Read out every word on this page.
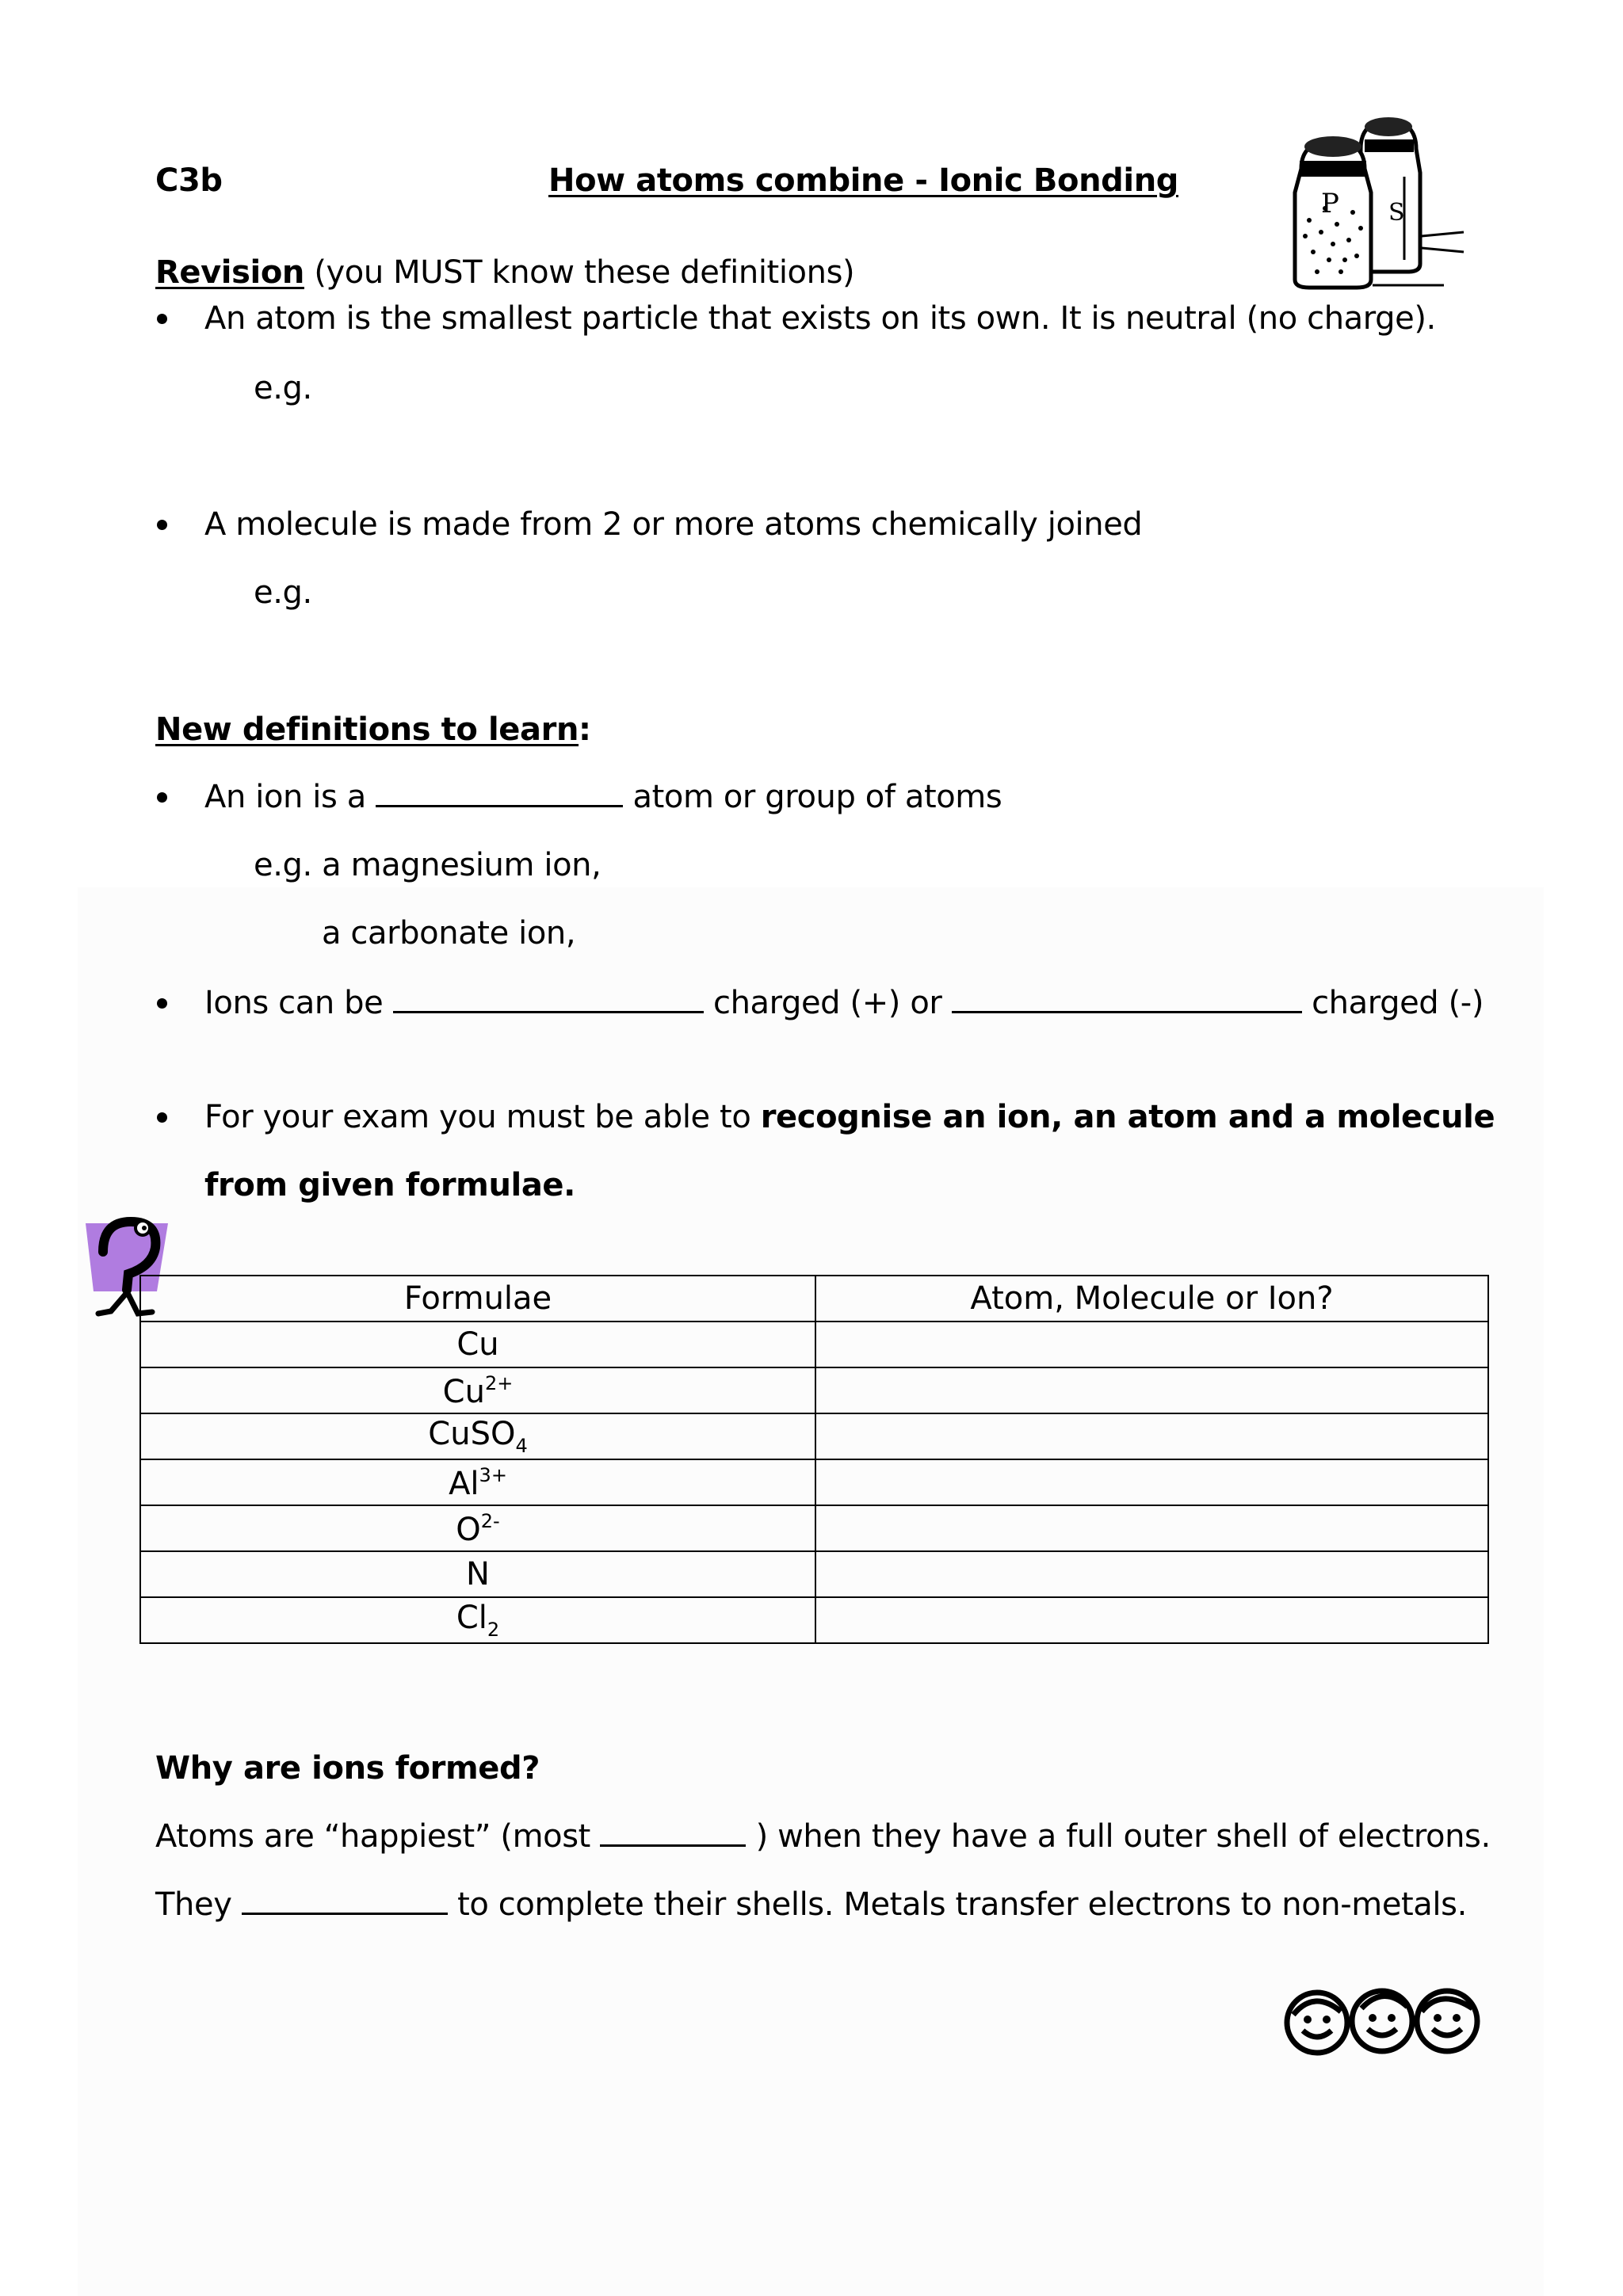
C3b	How atoms combine - Ionic Bonding
S
P
Revision (you MUST know these definitions)
An atom is the smallest particle that exists on its own. It is neutral (no charge).
e.g.
A molecule is made from 2 or more atoms chemically joined
e.g.
New definitions to learn:
An ion is a	atom or group of atoms
e.g. a magnesium ion,
a carbonate ion,
Ions can be	charged (+) or	charged (-)
For your exam you must be able to recognise an ion, an atom and a molecule
from given formulae.
Formulae	Atom, Molecule or Ion?
Cu	
$Cu^{2+}$	
CuSO$_4$	
$Al^{3+}$	
$O^{2-}$	
N	
$Cl_2$	
Why are ions formed?
Atoms are “happiest” (most	) when they have a full outer shell of electrons.
They	to complete their shells. Metals transfer electrons to non-metals.
